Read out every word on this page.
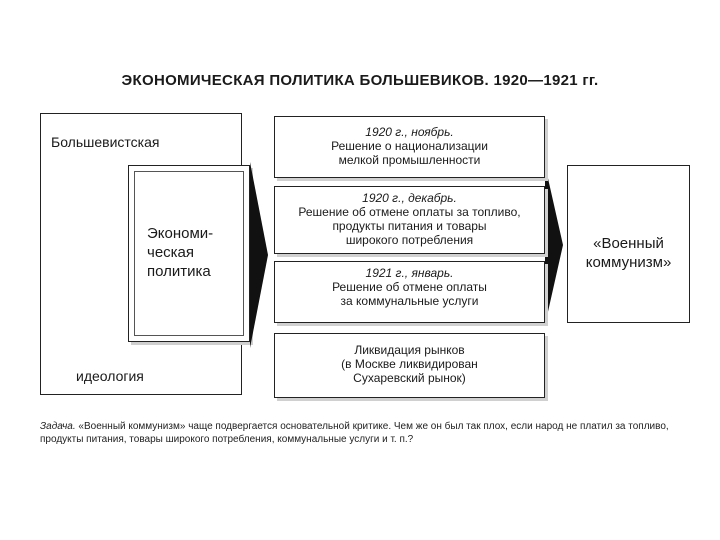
ЭКОНОМИЧЕСКАЯ ПОЛИТИКА БОЛЬШЕВИКОВ. 1920—1921 гг.
Большевистская
идеология
Экономи-
ческая
политика
1920 г., ноябрь.
Решение о национализации
мелкой промышленности
1920 г., декабрь.
Решение об отмене оплаты за топливо,
продукты питания и товары
широкого потребления
1921 г., январь.
Решение об отмене оплаты
за коммунальные услуги
Ликвидация рынков
(в Москве ликвидирован
Сухаревский рынок)
«Военный
коммунизм»
Задача. «Военный коммунизм» чаще подвергается основательной критике. Чем же он был так плох, если народ не платил за топливо, продукты питания, товары широкого потребления, коммунальные услуги и т. п.?
